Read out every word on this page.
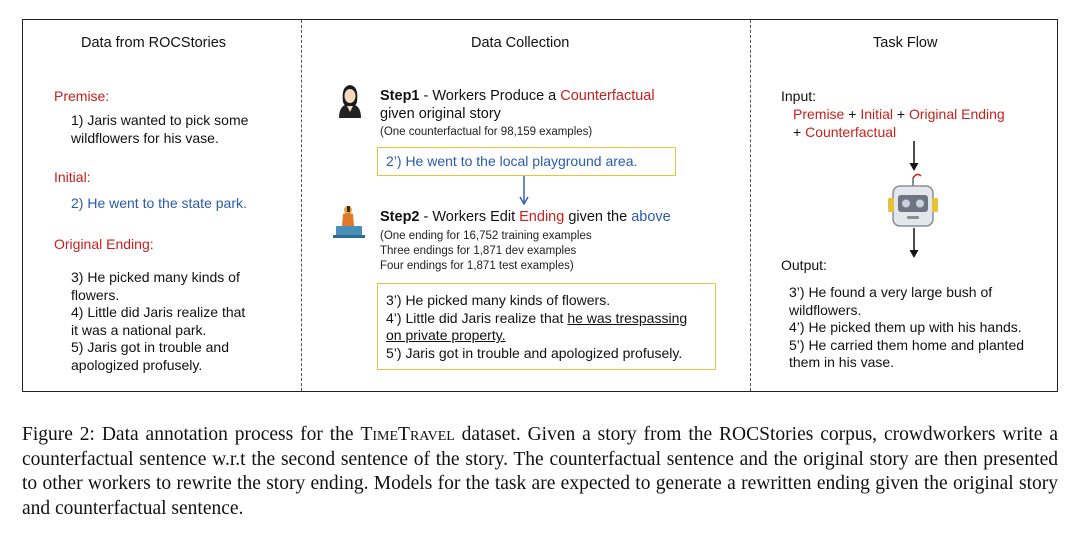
Data from ROCStories
Premise:
1) Jaris wanted to pick some
wildflowers for his vase.
Initial:
2) He went to the state park.
Original Ending:
3) He picked many kinds of
flowers.
4) Little did Jaris realize that
it was a national park.
5) Jaris got in trouble and
apologized profusely.
Data Collection
Step1 - Workers Produce a Counterfactual
given original story
(One counterfactual for 98,159 examples)
2’) He went to the local playground area.
Step2 - Workers Edit Ending given the above
(One ending for 16,752 training examples
Three endings for 1,871 dev examples
Four endings for 1,871 test examples)
3’) He picked many kinds of flowers.
4’) Little did Jaris realize that he was trespassing
on private property.
5’) Jaris got in trouble and apologized profusely.
Task Flow
Input:
Premise + Initial + Original Ending
+ Counterfactual
Output:
3’) He found a very large bush of
wildflowers.
4’) He picked them up with his hands.
5’) He carried them home and planted
them in his vase.
Figure 2: Data annotation process for the TimeTravel dataset. Given a story from the ROCStories corpus, crowdworkers write a counterfactual sentence w.r.t the second sentence of the story. The counterfactual sentence and the original story are then presented to other workers to rewrite the story ending. Models for the task are expected to generate a rewritten ending given the original story and counterfactual sentence.
